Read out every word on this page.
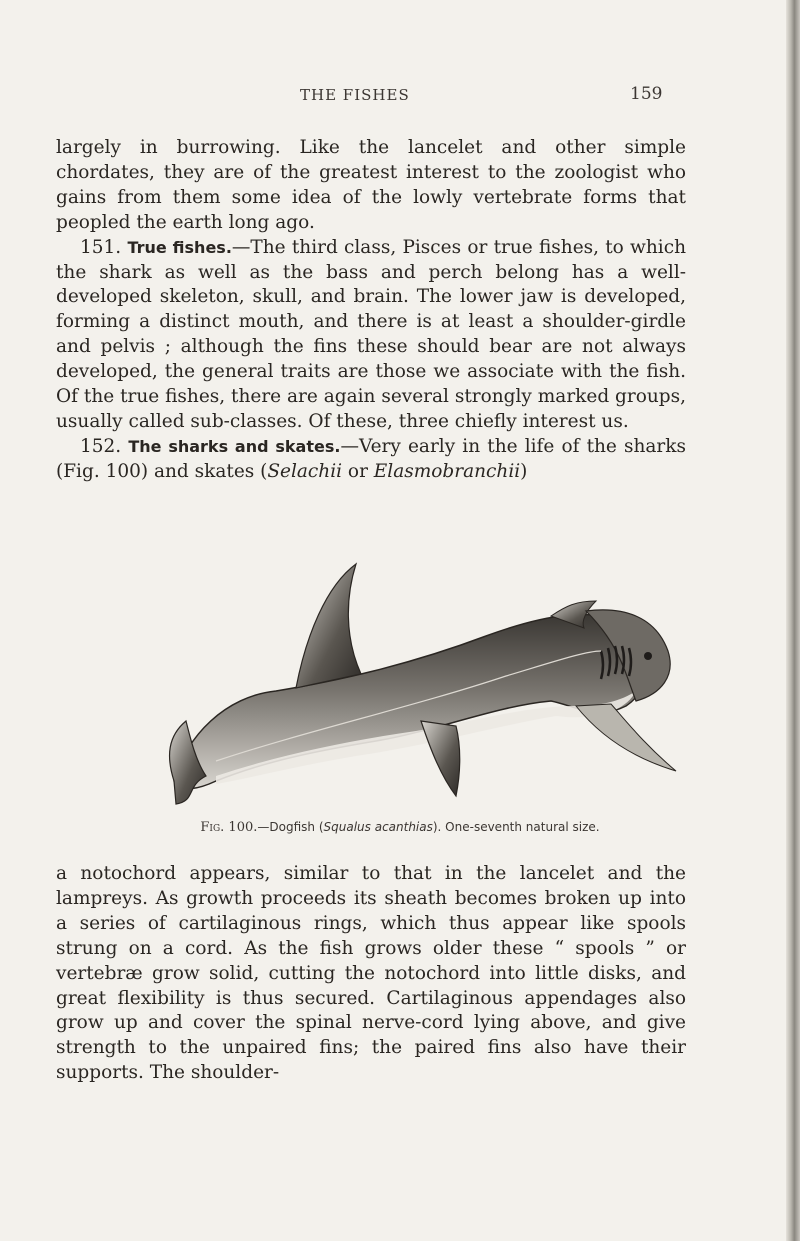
THE FISHES	159

largely in burrowing. Like the lancelet and other simple chordates, they are of the greatest interest to the zoologist who gains from them some idea of the lowly vertebrate forms that peopled the earth long ago.

151. True fishes.—The third class, Pisces or true fishes, to which the shark as well as the bass and perch belong has a well-developed skeleton, skull, and brain. The lower jaw is developed, forming a distinct mouth, and there is at least a shoulder-girdle and pelvis ; although the fins these should bear are not always developed, the general traits are those we associate with the fish. Of the true fishes, there are again several strongly marked groups, usually called sub-classes. Of these, three chiefly interest us.

152. The sharks and skates.—Very early in the life of the sharks (Fig. 100) and skates (Selachii or Elasmobranchii)

Fig. 100.—Dogfish (Squalus acanthias). One-seventh natural size.

a notochord appears, similar to that in the lancelet and the lampreys. As growth proceeds its sheath becomes broken up into a series of cartilaginous rings, which thus appear like spools strung on a cord. As the fish grows older these “ spools ” or vertebræ grow solid, cutting the notochord into little disks, and great flexibility is thus secured. Cartilaginous appendages also grow up and cover the spinal nerve-cord lying above, and give strength to the unpaired fins; the paired fins also have their supports. The shoulder-
